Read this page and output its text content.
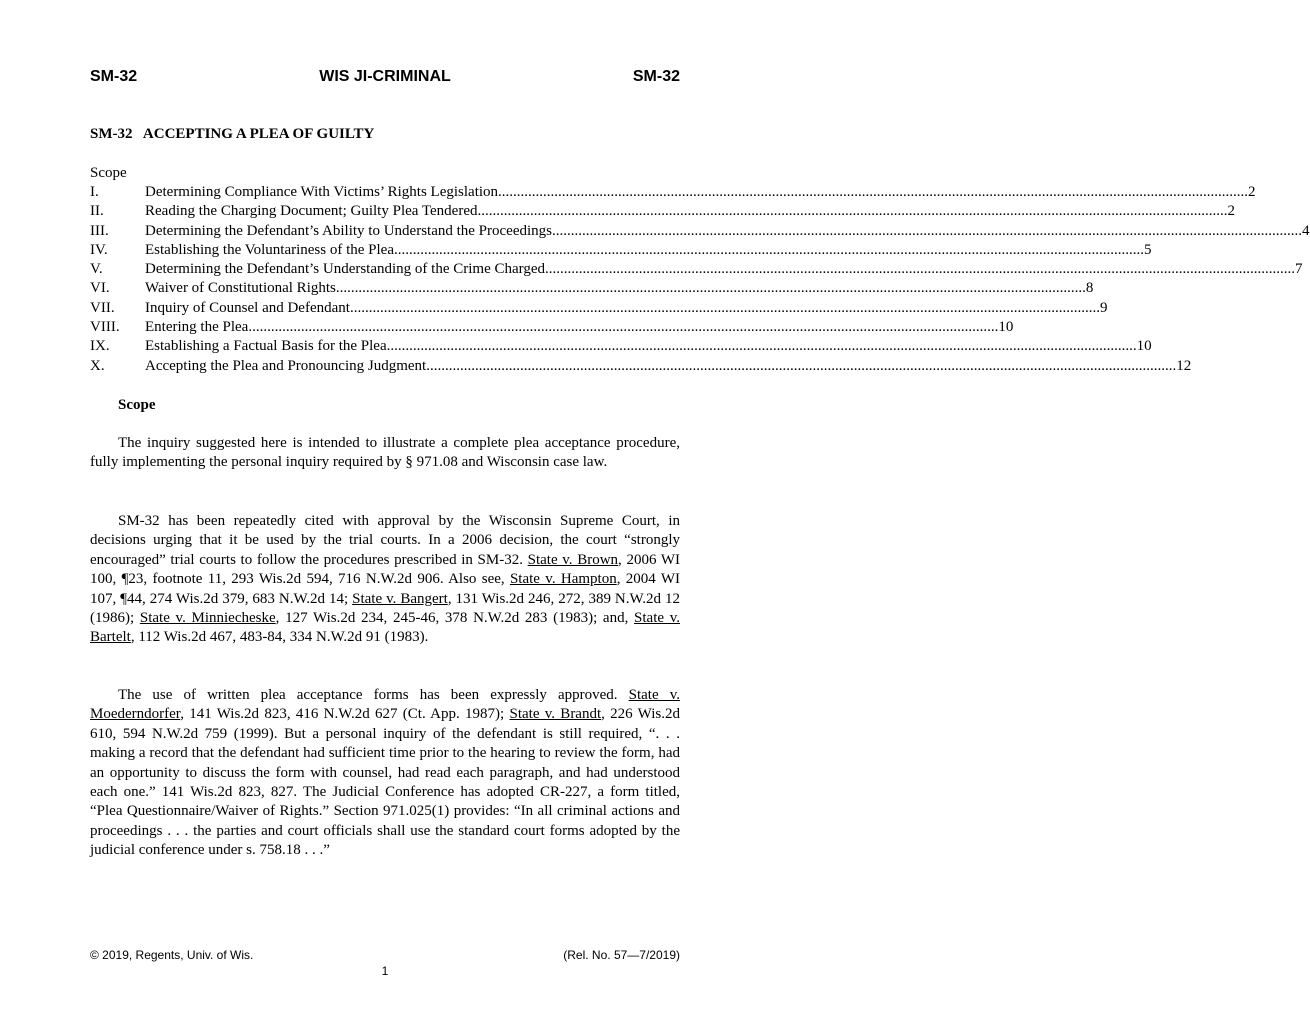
SM-32	WIS JI-CRIMINAL	SM-32
SM-32   ACCEPTING A PLEA OF GUILTY
Scope
I.	Determining Compliance With Victims’ Rights Legislation ........................................................................................................................................................................................................ 2
II.	Reading the Charging Document; Guilty Plea Tendered ........................................................................................................................................................................................................ 2
III. Determining the Defendant’s Ability to Understand the Proceedings ........................................................................................................................................................................................................ 4
IV. Establishing the Voluntariness of the Plea ........................................................................................................................................................................................................ 5
V.	Determining the Defendant’s Understanding of the Crime Charged ........................................................................................................................................................................................................ 7
VI. Waiver of Constitutional Rights ........................................................................................................................................................................................................ 8
VII. Inquiry of Counsel and Defendant ........................................................................................................................................................................................................ 9
VIII. Entering the Plea ........................................................................................................................................................................................................ 10
IX. Establishing a Factual Basis for the Plea ........................................................................................................................................................................................................ 10
X.	Accepting the Plea and Pronouncing Judgment ........................................................................................................................................................................................................ 12
Scope
The inquiry suggested here is intended to illustrate a complete plea acceptance procedure, fully implementing the personal inquiry required by § 971.08 and Wisconsin case law.
SM-32 has been repeatedly cited with approval by the Wisconsin Supreme Court, in decisions urging that it be used by the trial courts. In a 2006 decision, the court “strongly encouraged” trial courts to follow the procedures prescribed in SM-32. State v. Brown, 2006 WI 100, ¶23, footnote 11, 293 Wis.2d 594, 716 N.W.2d 906. Also see, State v. Hampton, 2004 WI 107, ¶44, 274 Wis.2d 379, 683 N.W.2d 14; State v. Bangert, 131 Wis.2d 246, 272, 389 N.W.2d 12 (1986); State v. Minniecheske, 127 Wis.2d 234, 245-46, 378 N.W.2d 283 (1983); and, State v. Bartelt, 112 Wis.2d 467, 483-84, 334 N.W.2d 91 (1983).
The use of written plea acceptance forms has been expressly approved. State v. Moederndorfer, 141 Wis.2d 823, 416 N.W.2d 627 (Ct. App. 1987); State v. Brandt, 226 Wis.2d 610, 594 N.W.2d 759 (1999). But a personal inquiry of the defendant is still required, “. . . making a record that the defendant had sufficient time prior to the hearing to review the form, had an opportunity to discuss the form with counsel, had read each paragraph, and had understood each one.” 141 Wis.2d 823, 827. The Judicial Conference has adopted CR-227, a form titled, “Plea Questionnaire/Waiver of Rights.” Section 971.025(1) provides: “In all criminal actions and proceedings . . . the parties and court officials shall use the standard court forms adopted by the judicial conference under s. 758.18 . . .”
© 2019, Regents, Univ. of Wis.	(Rel. No. 57—7/2019)
1
